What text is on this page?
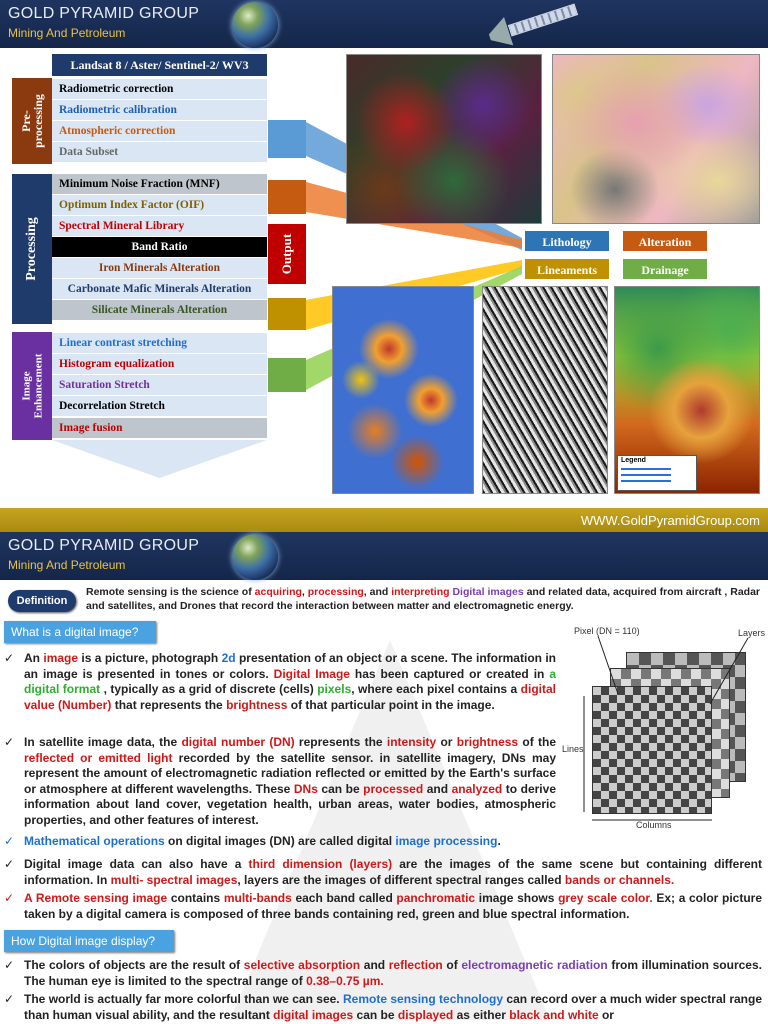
GOLD PYRAMID GROUP
Mining And Petroleum
Landsat 8 / Aster/ Sentinel-2/ WV3
Pre-
processing
Radiometric correction
Radiometric calibration
Atmospheric correction
Data Subset
Processing
Minimum Noise Fraction (MNF)
Optimum Index Factor (OIF)
Spectral Mineral Library
Band Ratio
Iron Minerals Alteration
Carbonate Mafic Minerals Alteration
Silicate Minerals Alteration
Image
Enhancement
Linear contrast stretching
Histogram equalization
Saturation Stretch
Decorrelation Stretch
Image fusion
Output	Lithology	Alteration
Lineaments	Drainage
Legend
WWW.GoldPyramidGroup.com
GOLD PYRAMID GROUP
Mining And Petroleum
Definition
Remote sensing is the science of acquiring, processing, and interpreting Digital images and related data, acquired from aircraft , Radar and satellites, and Drones that record the interaction between matter and electromagnetic energy.
What is a digital image?
✓ An image is a picture, photograph 2d presentation of an object or a scene. The information in an image is presented in tones or colors. Digital Image has been captured or created in a digital format , typically as a grid of discrete (cells) pixels, where each pixel contains a digital value (Number) that represents the brightness of that particular point in the image.
✓ In satellite image data, the digital number (DN) represents the intensity or brightness of the reflected or emitted light recorded by the satellite sensor. in satellite imagery, DNs may represent the amount of electromagnetic radiation reflected or emitted by the Earth's surface or atmosphere at different wavelengths. These DNs can be processed and analyzed to derive information about land cover, vegetation health, urban areas, water bodies, atmospheric properties, and other features of interest.
✓ Mathematical operations on digital images (DN) are called digital image processing.
Pixel (DN = 110)	Layers
Lines
Columns
✓ Digital image data can also have a third dimension (layers) are the images of the same scene but containing different information. In multi- spectral images, layers are the images of different spectral ranges called bands or channels.
✓ A Remote sensing image contains multi-bands each band called panchromatic image shows grey scale color. Ex; a color picture taken by a digital camera is composed of three bands containing red, green and blue spectral information.
How Digital image display?
✓ The colors of objects are the result of selective absorption and reflection of electromagnetic radiation from illumination sources. The human eye is limited to the spectral range of 0.38–0.75 µm.
✓ The world is actually far more colorful than we can see. Remote sensing technology can record over a much wider spectral range than human visual ability, and the resultant digital images can be displayed as either black and white or
